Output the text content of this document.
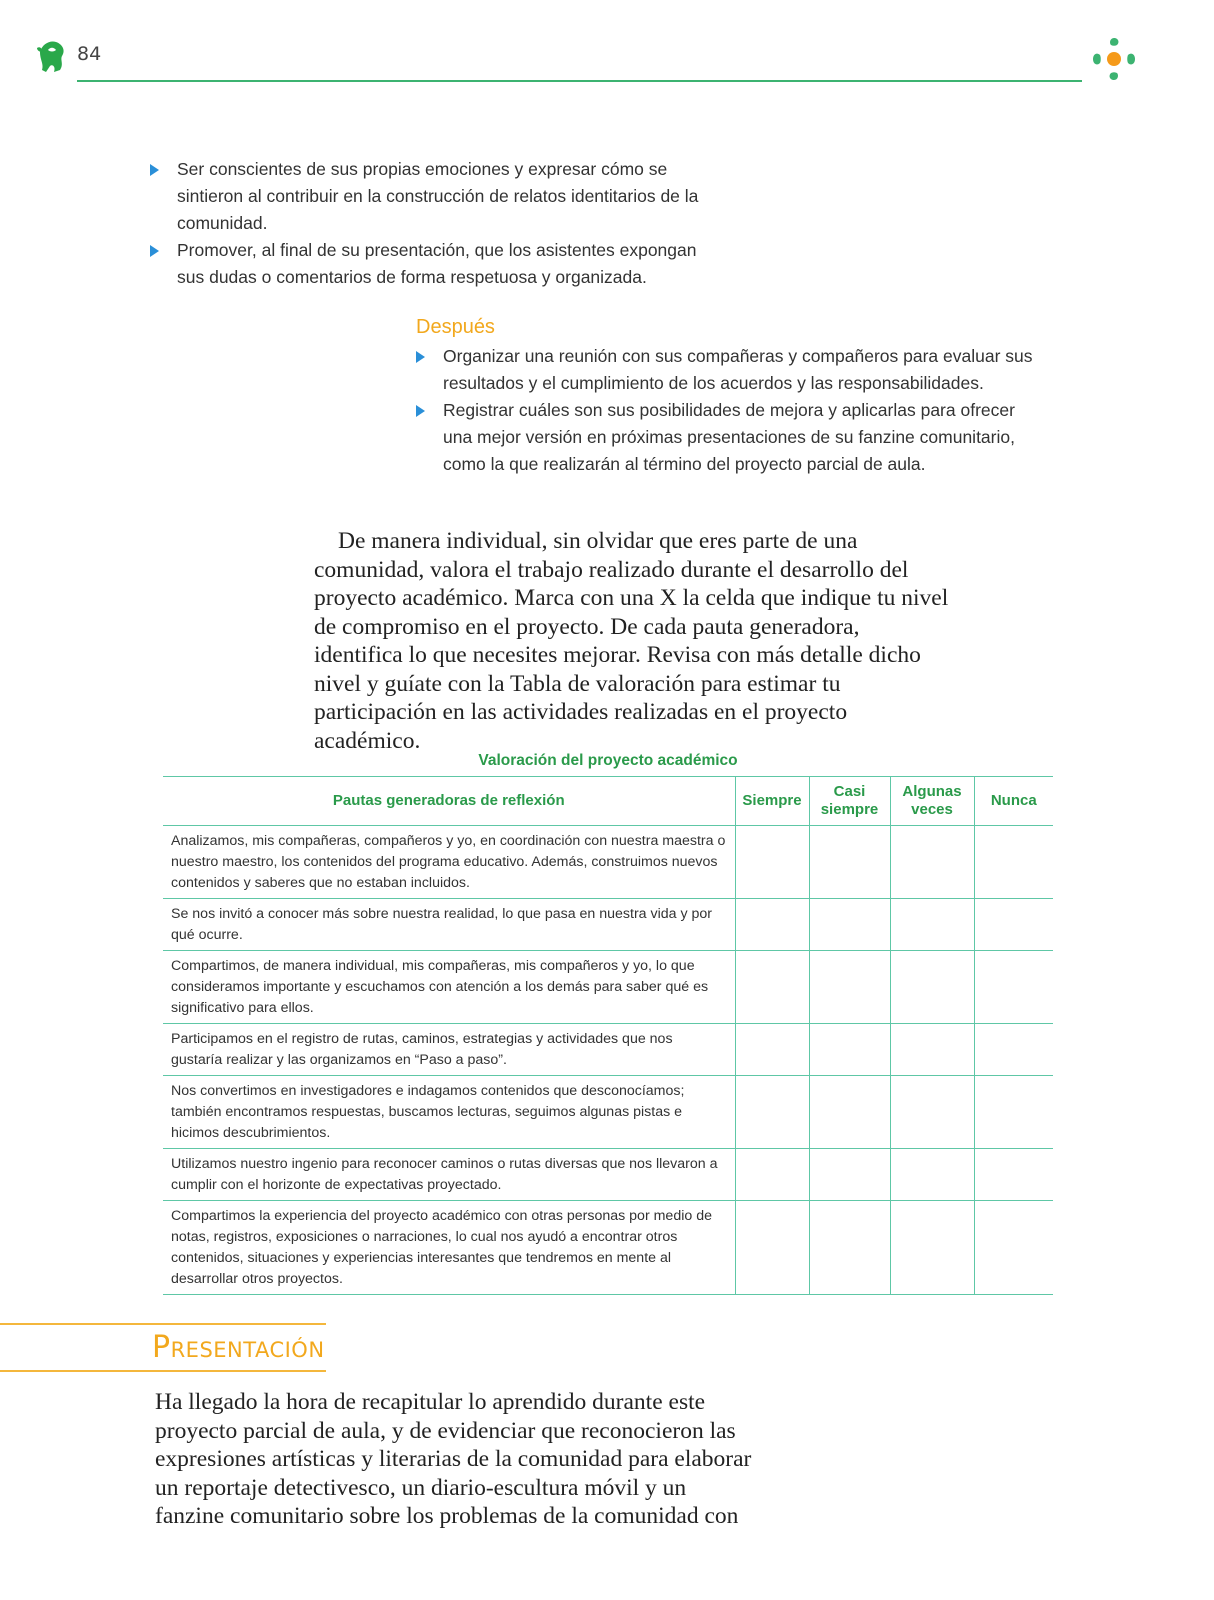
84
Ser conscientes de sus propias emociones y expresar cómo se sintieron al contribuir en la construcción de relatos identitarios de la comunidad.
Promover, al final de su presentación, que los asistentes expongan sus dudas o comentarios de forma respetuosa y organizada.
Después
Organizar una reunión con sus compañeras y compañeros para evaluar sus resultados y el cumplimiento de los acuerdos y las responsabilidades.
Registrar cuáles son sus posibilidades de mejora y aplicarlas para ofrecer una mejor versión en próximas presentaciones de su fanzine comunitario, como la que realizarán al término del proyecto parcial de aula.

De manera individual, sin olvidar que eres parte de una comunidad, valora el trabajo realizado durante el desarrollo del proyecto académico. Marca con una X la celda que indique tu nivel de compromiso en el proyecto. De cada pauta generadora, identifica lo que necesites mejorar. Revisa con más detalle dicho nivel y guíate con la Tabla de valoración para estimar tu participación en las actividades realizadas en el proyecto académico.

Valoración del proyecto académico
Pautas generadoras de reflexión	Siempre	Casi siempre	Algunas veces	Nunca
Analizamos, mis compañeras, compañeros y yo, en coordinación con nuestra maestra o nuestro maestro, los contenidos del programa educativo. Además, construimos nuevos contenidos y saberes que no estaban incluidos.				
Se nos invitó a conocer más sobre nuestra realidad, lo que pasa en nuestra vida y por qué ocurre.				
Compartimos, de manera individual, mis compañeras, mis compañeros y yo, lo que consideramos importante y escuchamos con atención a los demás para saber qué es significativo para ellos.				
Participamos en el registro de rutas, caminos, estrategias y actividades que nos gustaría realizar y las organizamos en “Paso a paso”.				
Nos convertimos en investigadores e indagamos contenidos que desconocíamos; también encontramos respuestas, buscamos lecturas, seguimos algunas pistas e hicimos descubrimientos.				
Utilizamos nuestro ingenio para reconocer caminos o rutas diversas que nos llevaron a cumplir con el horizonte de expectativas proyectado.				
Compartimos la experiencia del proyecto académico con otras personas por medio de notas, registros, exposiciones o narraciones, lo cual nos ayudó a encontrar otros contenidos, situaciones y experiencias interesantes que tendremos en mente al desarrollar otros proyectos.				
Presentación

Ha llegado la hora de recapitular lo aprendido durante este proyecto parcial de aula, y de evidenciar que reconocieron las expresiones artísticas y literarias de la comunidad para elaborar un reportaje detectivesco, un diario-escultura móvil y un fanzine comunitario sobre los problemas de la comunidad con
